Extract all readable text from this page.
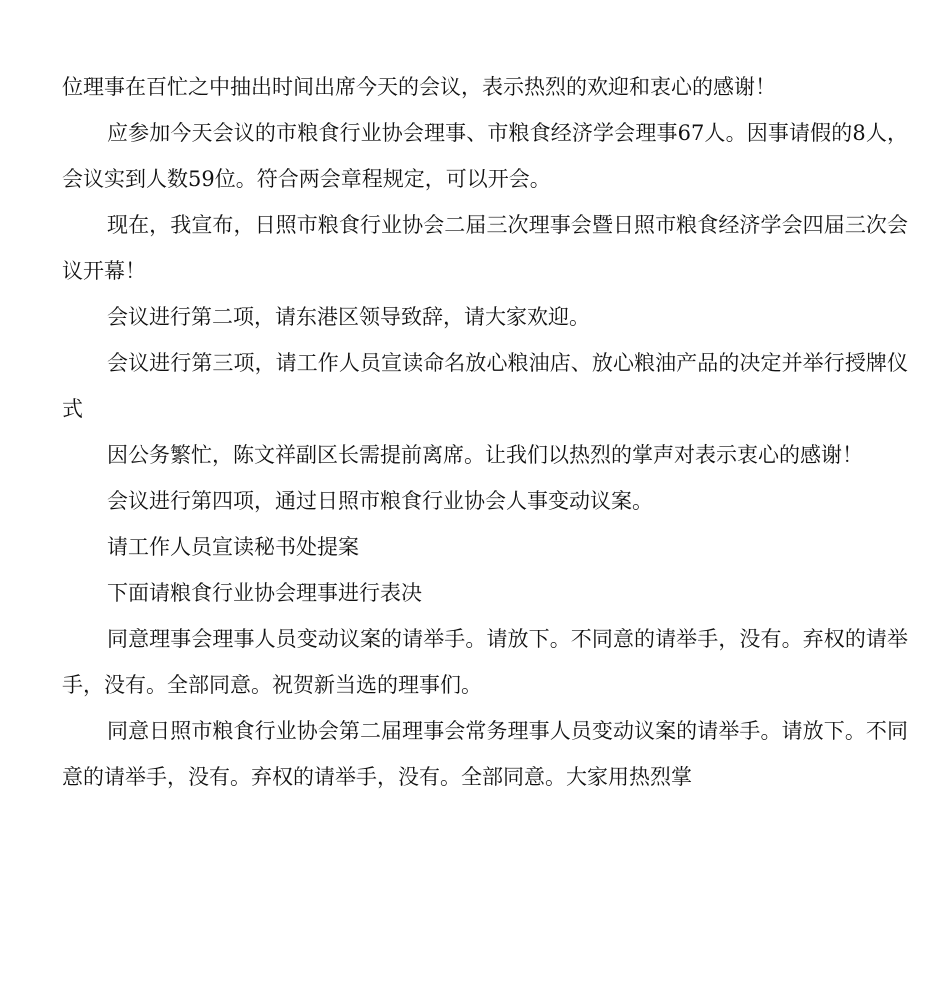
位理事在百忙之中抽出时间出席今天的会议，表示热烈的欢迎和衷心的感谢！

应参加今天会议的市粮食行业协会理事、市粮食经济学会理事67人。因事请假的8人，会议实到人数59位。符合两会章程规定，可以开会。

现在，我宣布，日照市粮食行业协会二届三次理事会暨日照市粮食经济学会四届三次会议开幕！

会议进行第二项，请东港区领导致辞，请大家欢迎。

会议进行第三项，请工作人员宣读命名放心粮油店、放心粮油产品的决定并举行授牌仪式

因公务繁忙，陈文祥副区长需提前离席。让我们以热烈的掌声对表示衷心的感谢！

会议进行第四项，通过日照市粮食行业协会人事变动议案。

请工作人员宣读秘书处提案

下面请粮食行业协会理事进行表决

同意理事会理事人员变动议案的请举手。请放下。不同意的请举手，没有。弃权的请举手，没有。全部同意。祝贺新当选的理事们。

同意日照市粮食行业协会第二届理事会常务理事人员变动议案的请举手。请放下。不同意的请举手，没有。弃权的请举手，没有。全部同意。大家用热烈掌
